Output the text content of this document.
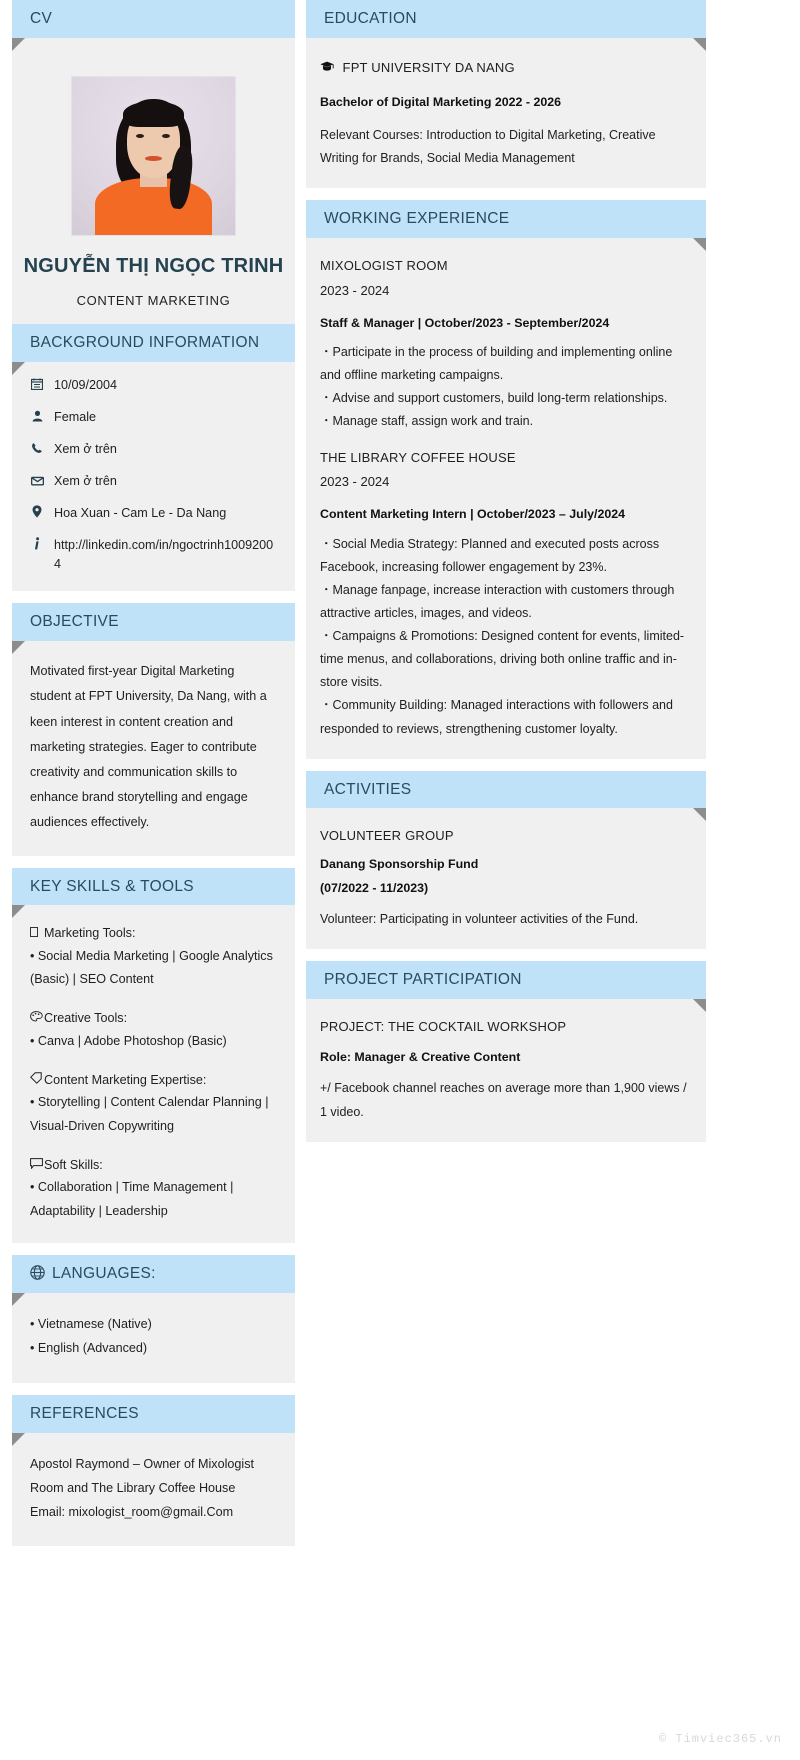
CV
NGUYỄN THỊ NGỌC TRINH
CONTENT MARKETING
BACKGROUND INFORMATION
10/09/2004
Female
Xem ở trên
Xem ở trên
Hoa Xuan - Cam Le - Da Nang
http://linkedin.com/in/ngoctrinh10092004
OBJECTIVE
Motivated first-year Digital Marketing student at FPT University, Da Nang, with a keen interest in content creation and marketing strategies. Eager to contribute creativity and communication skills to enhance brand storytelling and engage audiences effectively.
KEY SKILLS & TOOLS
Marketing Tools:
• Social Media Marketing | Google Analytics (Basic) | SEO Content
Creative Tools:
• Canva | Adobe Photoshop (Basic)
Content Marketing Expertise:
• Storytelling | Content Calendar Planning | Visual-Driven Copywriting
Soft Skills:
• Collaboration | Time Management | Adaptability | Leadership
LANGUAGES:
• Vietnamese (Native)
• English (Advanced)
REFERENCES
Apostol Raymond – Owner of Mixologist
Room and The Library Coffee House
Email: mixologist_room@gmail.Com
EDUCATION
FPT UNIVERSITY DA NANG
Bachelor of Digital Marketing 2022 - 2026
Relevant Courses: Introduction to Digital Marketing, Creative Writing for Brands, Social Media Management
WORKING EXPERIENCE
MIXOLOGIST ROOM
2023 - 2024
Staff & Manager | October/2023 - September/2024
・Participate in the process of building and implementing online and offline marketing campaigns.
・Advise and support customers, build long-term relationships.
・Manage staff, assign work and train.
THE LIBRARY COFFEE HOUSE
2023 - 2024
Content Marketing Intern | October/2023 – July/2024
・Social Media Strategy: Planned and executed posts across Facebook, increasing follower engagement by 23%.
・Manage fanpage, increase interaction with customers through attractive articles, images, and videos.
・Campaigns & Promotions: Designed content for events, limited-time menus, and collaborations, driving both online traffic and in-store visits.
・Community Building: Managed interactions with followers and responded to reviews, strengthening customer loyalty.
ACTIVITIES
VOLUNTEER GROUP
Danang Sponsorship Fund
(07/2022 - 11/2023)
Volunteer: Participating in volunteer activities of the Fund.
PROJECT PARTICIPATION
PROJECT: THE COCKTAIL WORKSHOP
Role: Manager & Creative Content
+/ Facebook channel reaches on average more than 1,900 views / 1 video.
© Timviec365.vn
